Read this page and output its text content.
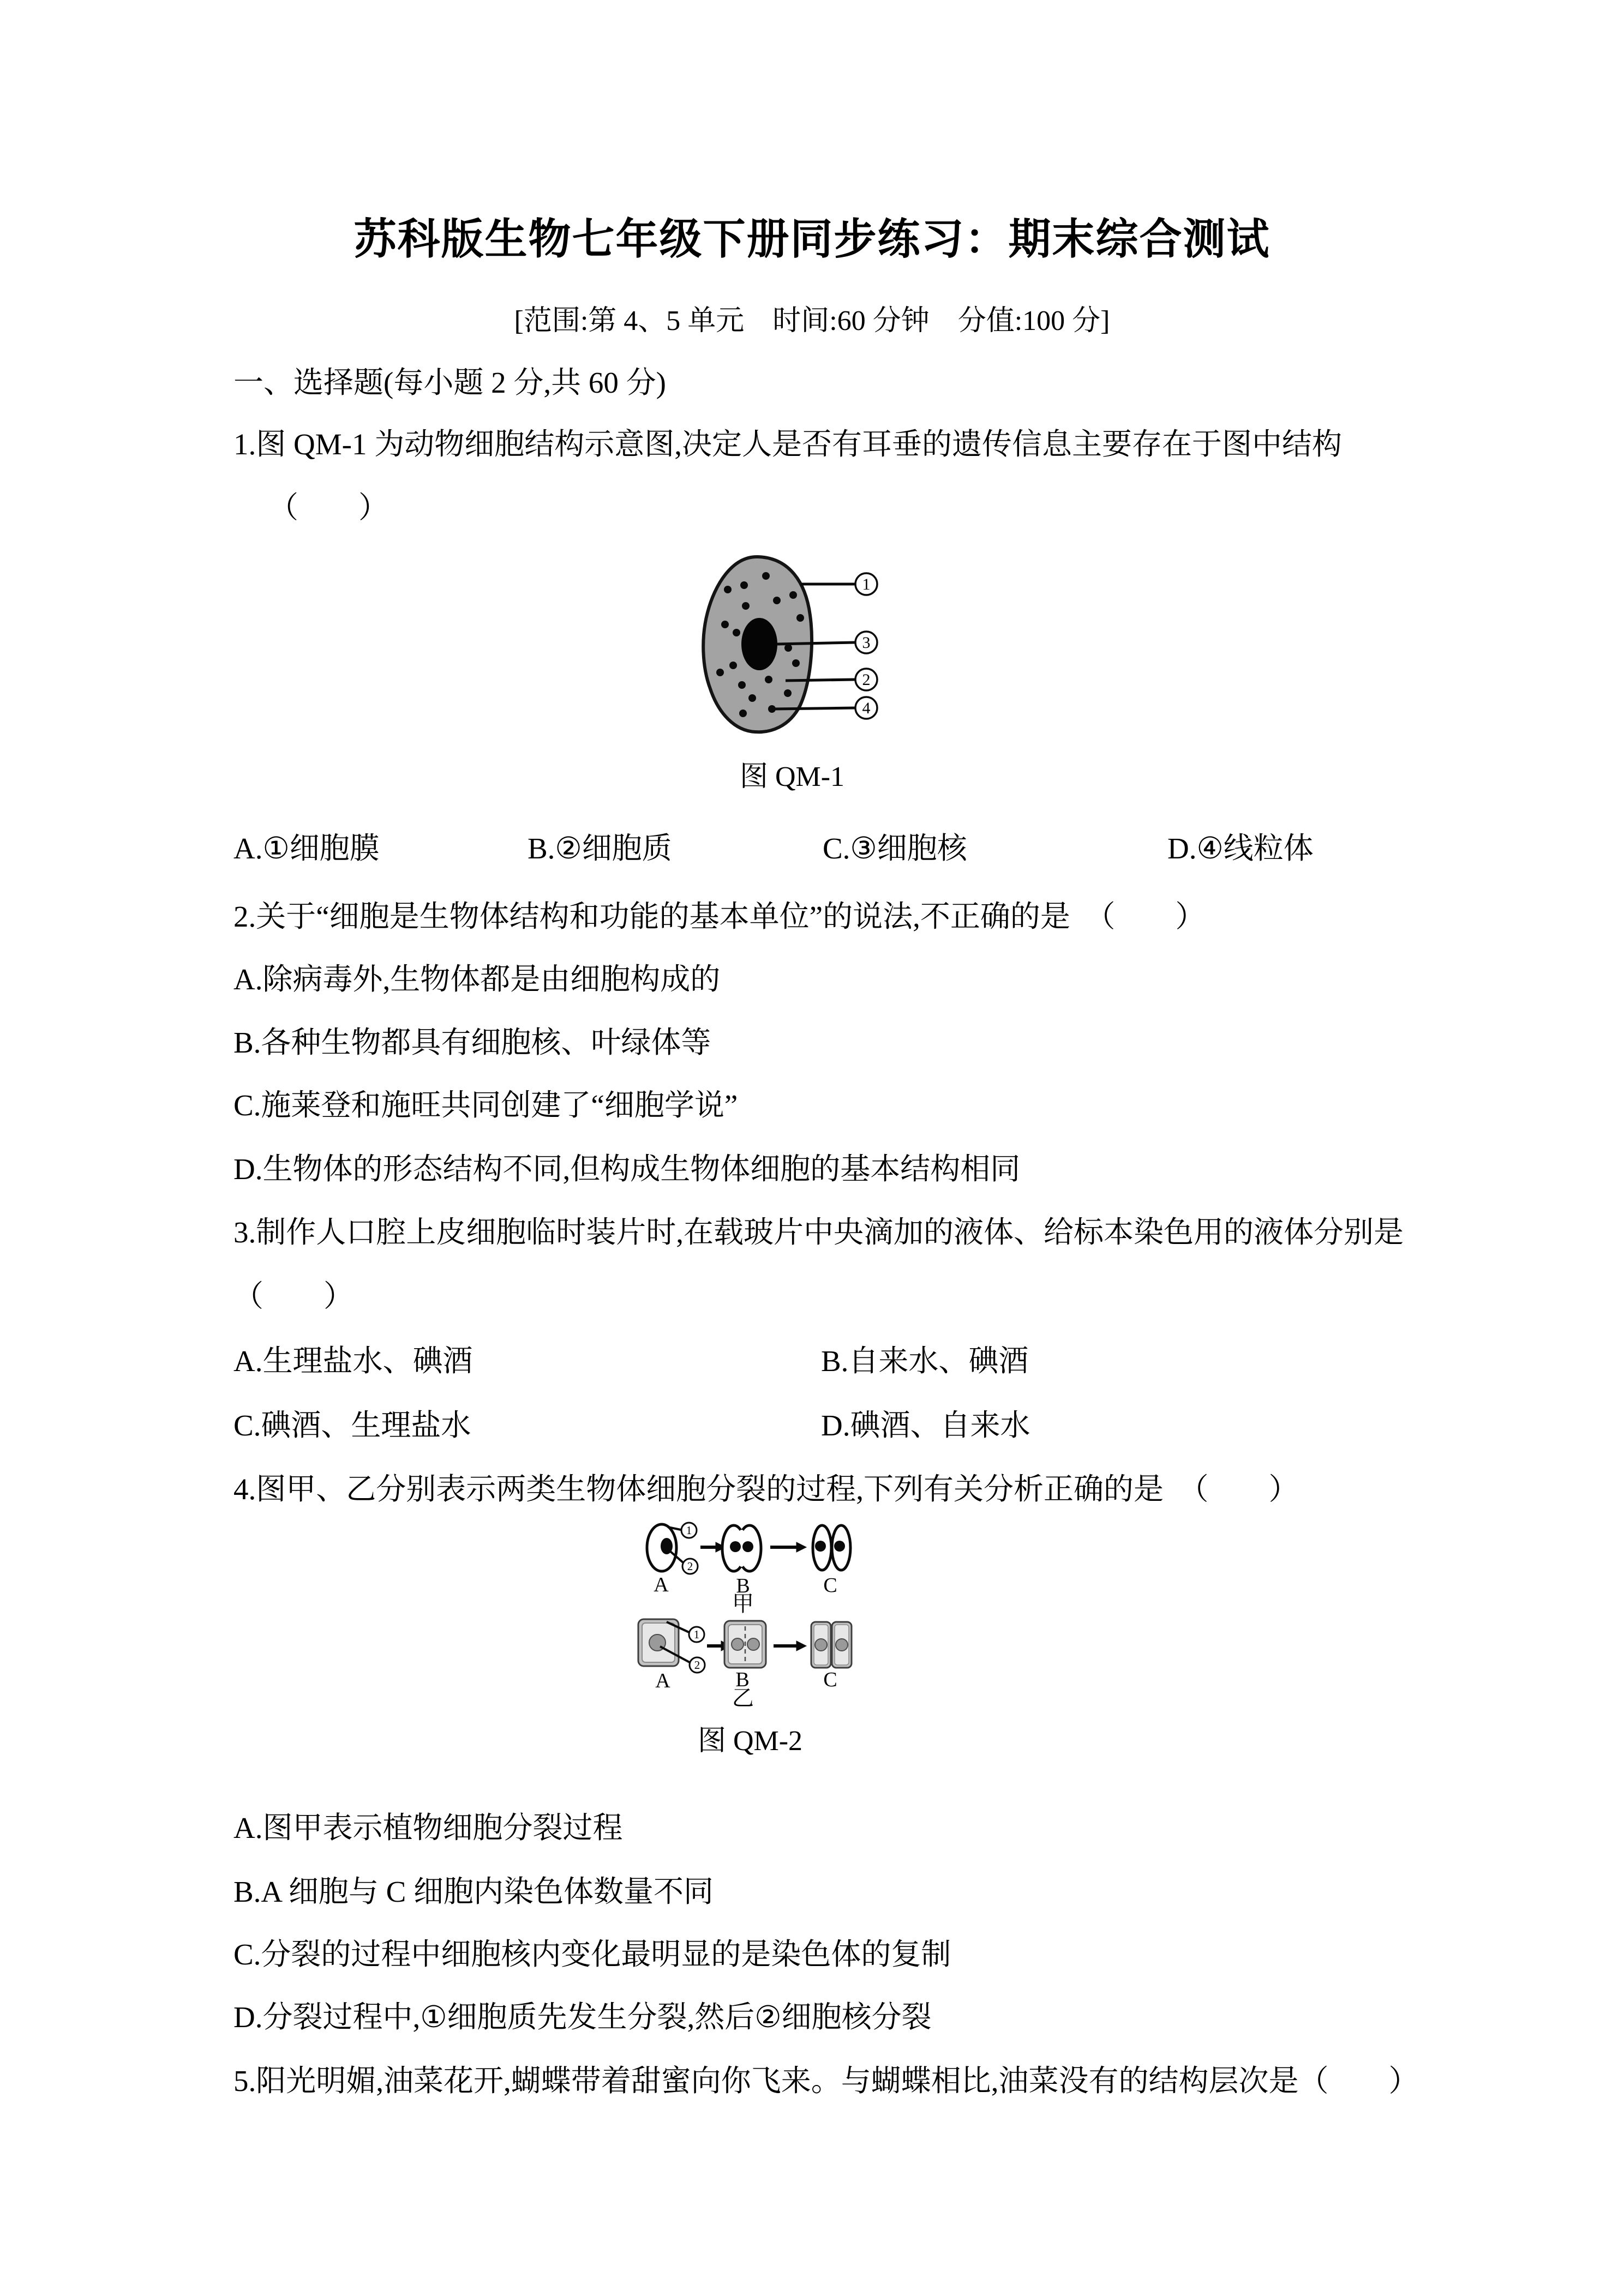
苏科版生物七年级下册同步练习：期末综合测试
[范围:第 4、5 单元　时间:60 分钟　分值:100 分]
一、选择题(每小题 2 分,共 60 分)
1.图 QM-1 为动物细胞结构示意图,决定人是否有耳垂的遗传信息主要存在于图中结构
（　　）
1
3
2
4
图 QM-1
A.①细胞膜	B.②细胞质	C.③细胞核	D.④线粒体
2.关于“细胞是生物体结构和功能的基本单位”的说法,不正确的是　（　　）
A.除病毒外,生物体都是由细胞构成的
B.各种生物都具有细胞核、叶绿体等
C.施莱登和施旺共同创建了“细胞学说”
D.生物体的形态结构不同,但构成生物体细胞的基本结构相同
3.制作人口腔上皮细胞临时装片时,在载玻片中央滴加的液体、给标本染色用的液体分别是
（　　）
A.生理盐水、碘酒	B.自来水、碘酒
C.碘酒、生理盐水	D.碘酒、自来水
4.图甲、乙分别表示两类生物体细胞分裂的过程,下列有关分析正确的是　（　　）
1
2
A	B	C
甲
1
2
A	B	C
乙
图 QM-2
A.图甲表示植物细胞分裂过程
B.A 细胞与 C 细胞内染色体数量不同
C.分裂的过程中细胞核内变化最明显的是染色体的复制
D.分裂过程中,①细胞质先发生分裂,然后②细胞核分裂
5.阳光明媚,油菜花开,蝴蝶带着甜蜜向你飞来。与蝴蝶相比,油菜没有的结构层次是（　　）
